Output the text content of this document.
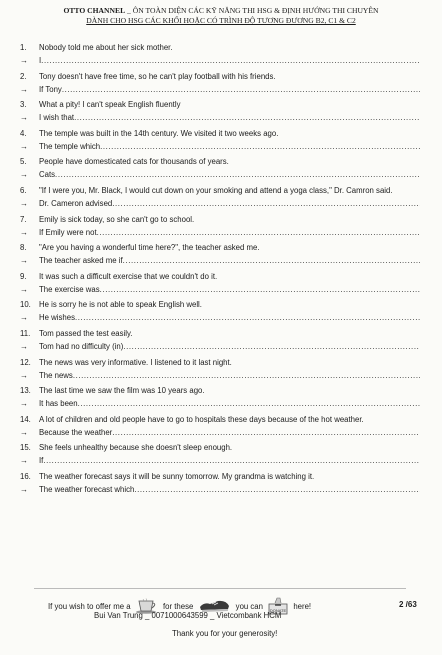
OTTO CHANNEL _ ÔN TOÀN DIỆN CÁC KỸ NĂNG THI HSG & ĐỊNH HƯỚNG THI CHUYÊN
DÀNH CHO HSG CÁC KHỐI HOẶC CÓ TRÌNH ĐỘ TƯƠNG ĐƯƠNG B2, C1 & C2
1.	Nobody told me about her sick mother.
→	I
.....
2.	Tony doesn't have free time, so he can't play football with his friends.
→	If Tony
.....
3.	What a pity! I can't speak English fluently
→	I wish that
.....
4.	The temple was built in the 14th century. We visited it two weeks ago.
→	The temple which
.....
5.	People have domesticated cats for thousands of years.
→	Cats
.....
6.	"If I were you, Mr. Black, I would cut down on your smoking and attend a yoga class," Dr. Camron said.
→	Dr. Cameron advised
.....
7.	Emily is sick today, so she can't go to school.
→	If Emily were not
.....
8.	"Are you having a wonderful time here?", the teacher asked me.
→	The teacher asked me if
.....
9.	It was such a difficult exercise that we couldn't do it.
→	The exercise was
.....
10.	He is sorry he is not able to speak English well.
→	He wishes
.....
11.	Tom passed the test easily.
→	Tom had no difficulty (in)
.....
12.	The news was very informative. I listened to it last night.
→	The news
.....
13.	The last time we saw the film was 10 years ago.
→	It has been
.....
14.	A lot of children and old people have to go to hospitals these days because of the hot weather.
→	Because the weather
.....
15.	She feels unhealthy because she doesn't sleep enough.
→	If
.....
16.	The weather forecast says it will be sunny tomorrow. My grandma is watching it.
→	The weather forecast which
.....
If you wish to offer me a	for these	you can DONATE here!
Bui Van Trung _ 0071000643599 _ Vietcombank HCM
Thank you for your generosity!
2 /63
